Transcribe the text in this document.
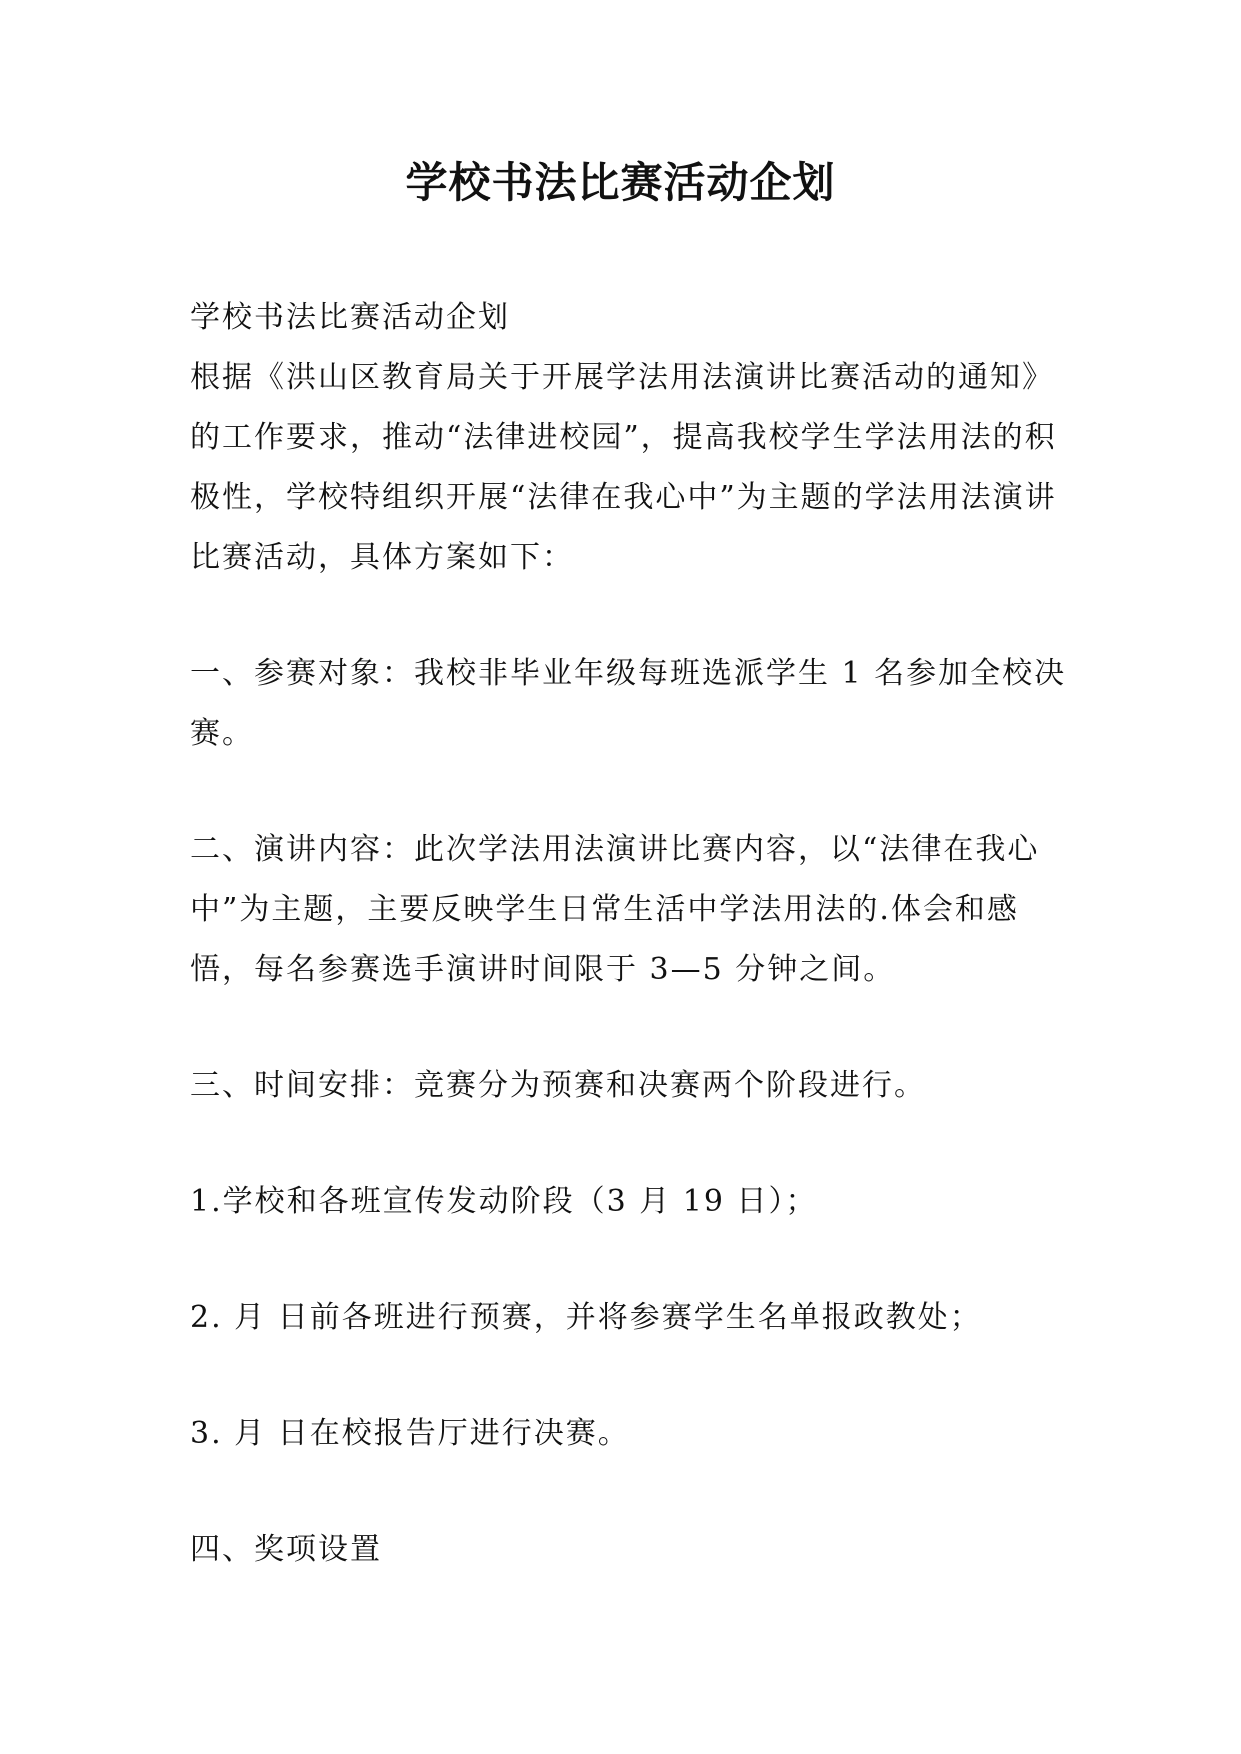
学校书法比赛活动企划

学校书法比赛活动企划

根据《洪山区教育局关于开展学法用法演讲比赛活动的通知》的工作要求，推动“法律进校园”，提高我校学生学法用法的积极性，学校特组织开展“法律在我心中”为主题的学法用法演讲比赛活动，具体方案如下：

一、参赛对象：我校非毕业年级每班选派学生 1 名参加全校决赛。

二、演讲内容：此次学法用法演讲比赛内容，以“法律在我心中”为主题，主要反映学生日常生活中学法用法的.体会和感悟，每名参赛选手演讲时间限于 3—5 分钟之间。

三、时间安排：竞赛分为预赛和决赛两个阶段进行。

1.学校和各班宣传发动阶段（3 月 19 日）；

2. 月 日前各班进行预赛，并将参赛学生名单报政教处；

3. 月 日在校报告厅进行决赛。

四、奖项设置
